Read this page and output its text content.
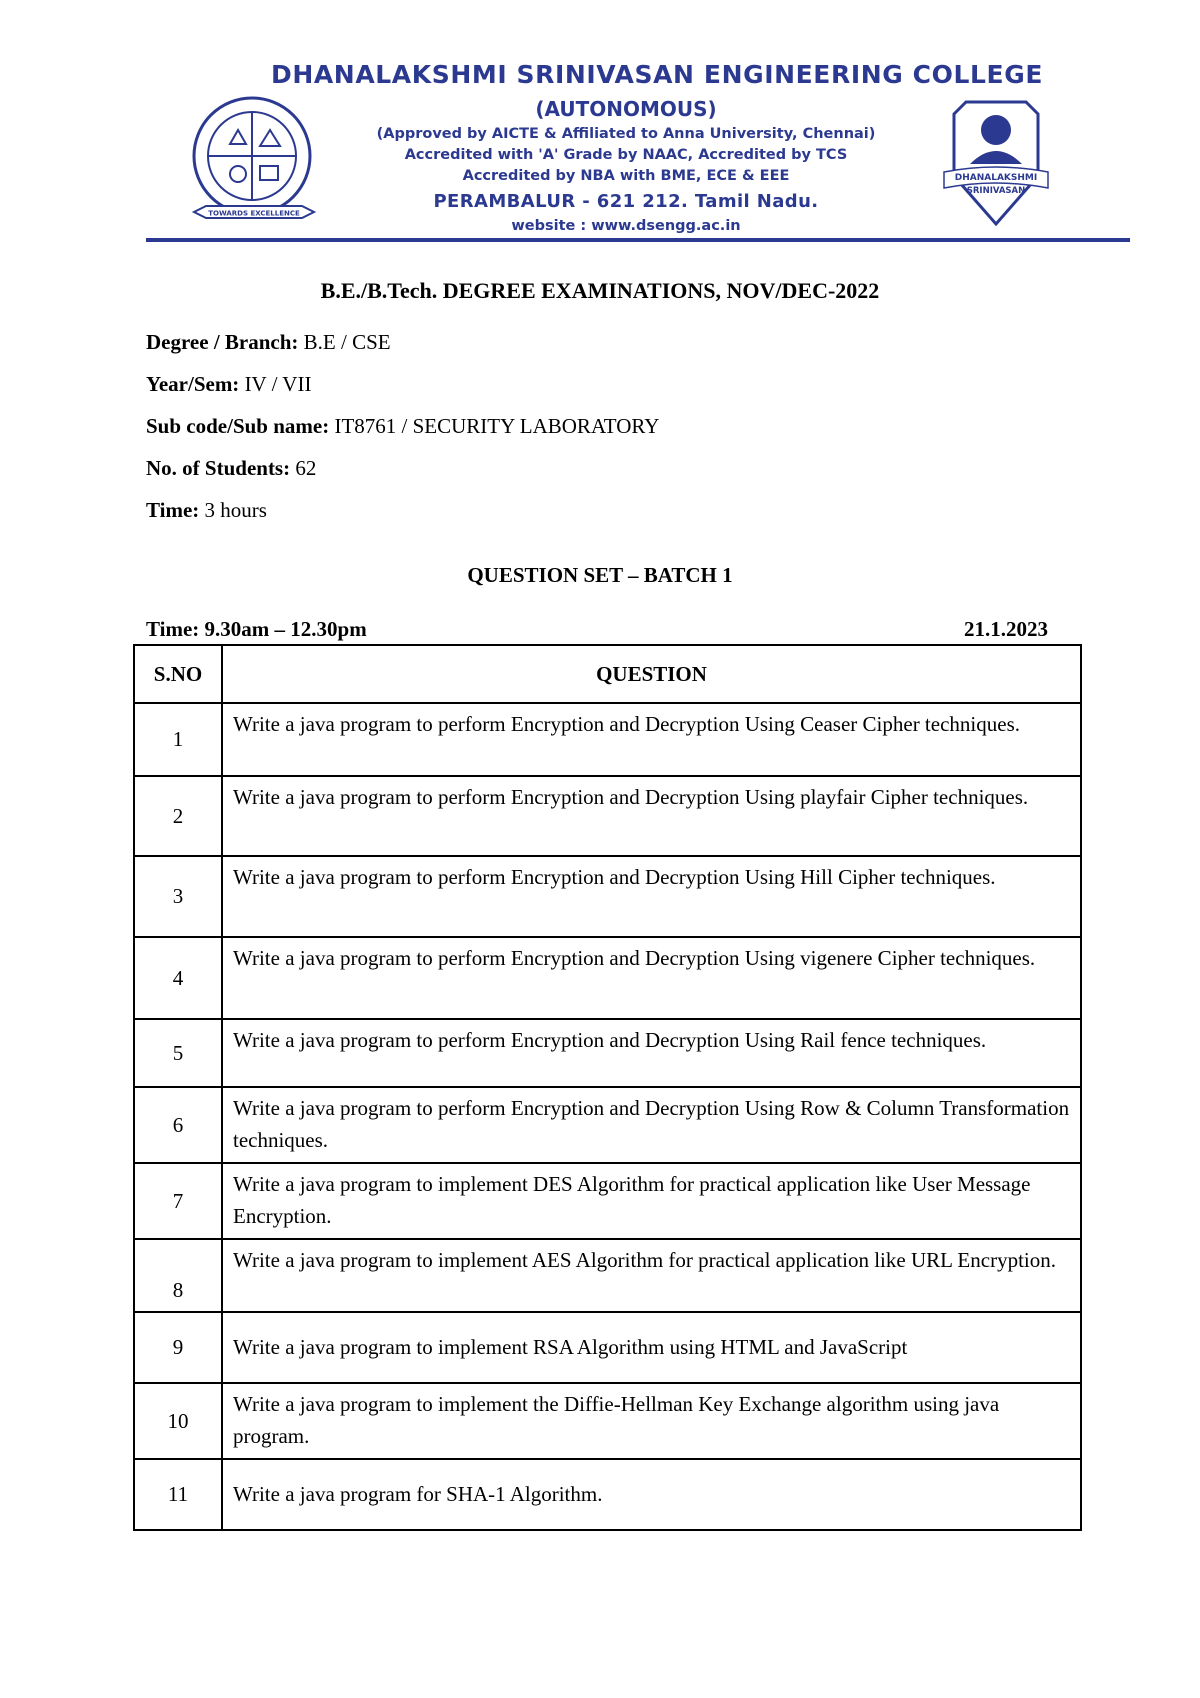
DHANALAKSHMI SRINIVASAN ENGINEERING COLLEGE
TOWARDS EXCELLENCE
(AUTONOMOUS)
(Approved by AICTE & Affiliated to Anna University, Chennai)
Accredited with 'A' Grade by NAAC, Accredited by TCS
Accredited by NBA with BME, ECE & EEE
PERAMBALUR - 621 212. Tamil Nadu.
website : www.dsengg.ac.in
DHANALAKSHMI
SRINIVASAN
B.E./B.Tech. DEGREE EXAMINATIONS, NOV/DEC-2022
Degree / Branch: B.E / CSE
Year/Sem: IV / VII
Sub code/Sub name: IT8761 / SECURITY LABORATORY
No. of Students: 62
Time: 3 hours
QUESTION SET – BATCH 1
Time: 9.30am – 12.30pm	21.1.2023
S.NO	QUESTION
1	Write a java program to perform Encryption and Decryption Using Ceaser Cipher techniques.
2	Write a java program to perform Encryption and Decryption Using playfair Cipher techniques.
3	Write a java program to perform Encryption and Decryption Using Hill Cipher techniques.
4	Write a java program to perform Encryption and Decryption Using vigenere Cipher techniques.
5	Write a java program to perform Encryption and Decryption Using Rail fence techniques.
6	Write a java program to perform Encryption and Decryption Using Row & Column Transformation techniques.
7	Write a java program to implement DES Algorithm for practical application like User Message Encryption.
8	Write a java program to implement AES Algorithm for practical application like URL Encryption.
9	Write a java program to implement RSA Algorithm using HTML and JavaScript
10	Write a java program to implement the Diffie-Hellman Key Exchange algorithm using java program.
11	Write a java program for SHA-1 Algorithm.
